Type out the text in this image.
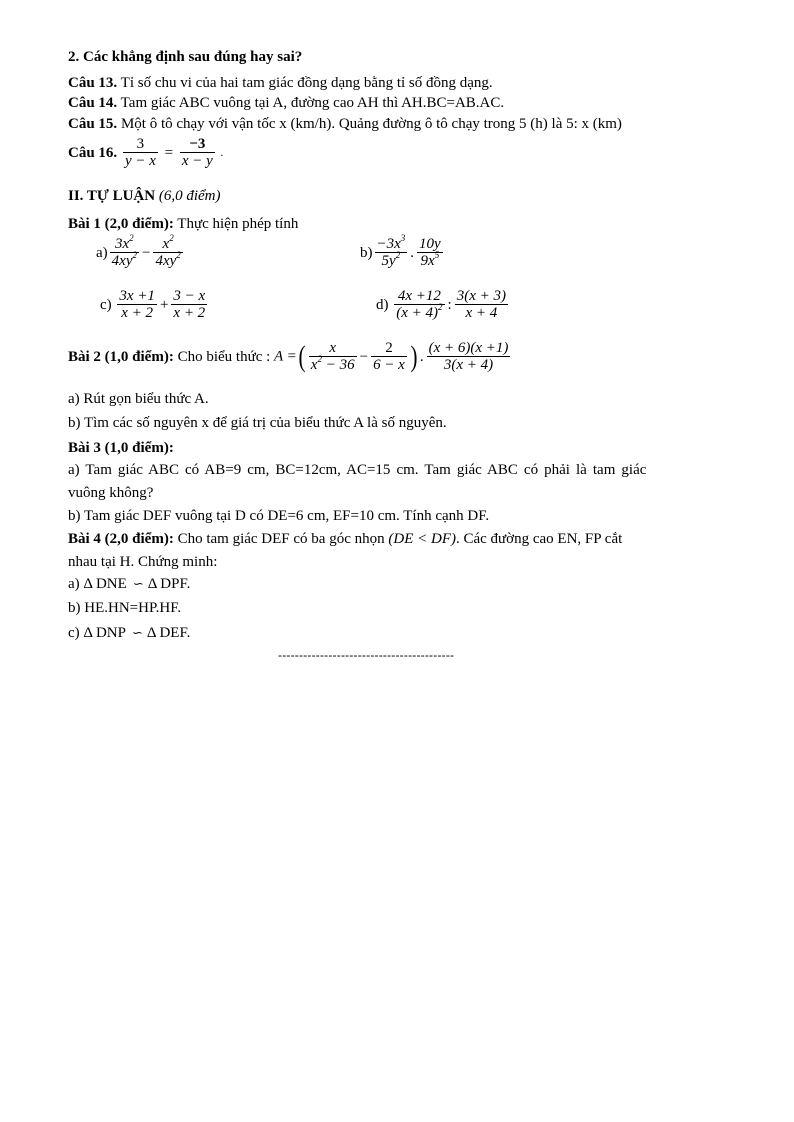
2. Các khẳng định sau đúng hay sai?
Câu 13. Tỉ số chu vi của hai tam giác đồng dạng bằng tỉ số đồng dạng.
Câu 14. Tam giác ABC vuông tại A, đường cao AH thì AH.BC=AB.AC.
Câu 15. Một ô tô chạy với vận tốc x (km/h). Quảng đường ô tô chạy trong 5 (h) là 5: x (km)
Câu 16. $\frac{3}{y - x} = \frac{-3}{x - y}$ .
II. TỰ LUẬN (6,0 điểm)
Bài 1 (2,0 điểm): Thực hiện phép tính
$a) \frac{3x^2}{4xy^2} - \frac{x^2}{4xy^2}$	$b) \frac{-3x^3}{5y^2}$ . $\frac{10y}{9x^5}$
$c) \frac{3x +1}{x + 2} + \frac{3 - x}{x + 2}$	$d) \frac{4x +12}{(x + 4)^2}$ : $\frac{3(x + 3)}{x + 4}$
Bài 2 (1,0 điểm): Cho biểu thức : A =( $\frac{x}{x^2 - 36} - \frac{2}{6 - x}$ ) . $\frac{(x + 6)(x +1)}{3(x + 4)}$
a) Rút gọn biểu thức A.
b) Tìm các số nguyên x để giá trị của biểu thức A là số nguyên.
Bài 3 (1,0 điểm):
a) Tam giác ABC có AB=9 cm, BC=12cm, AC=15 cm. Tam giác ABC có phải là tam giác
vuông không?
b) Tam giác DEF vuông tại D có DE=6 cm, EF=10 cm. Tính cạnh DF.
Bài 4 (2,0 điểm): Cho tam giác DEF có ba góc nhọn (DE < DF). Các đường cao EN, FP cắt
nhau tại H. Chứng minh:
a) Δ DNE ∽ Δ DPF.
b) HE.HN=HP.HF.
c) Δ DNP ∽ Δ DEF.
------------------------------------------
